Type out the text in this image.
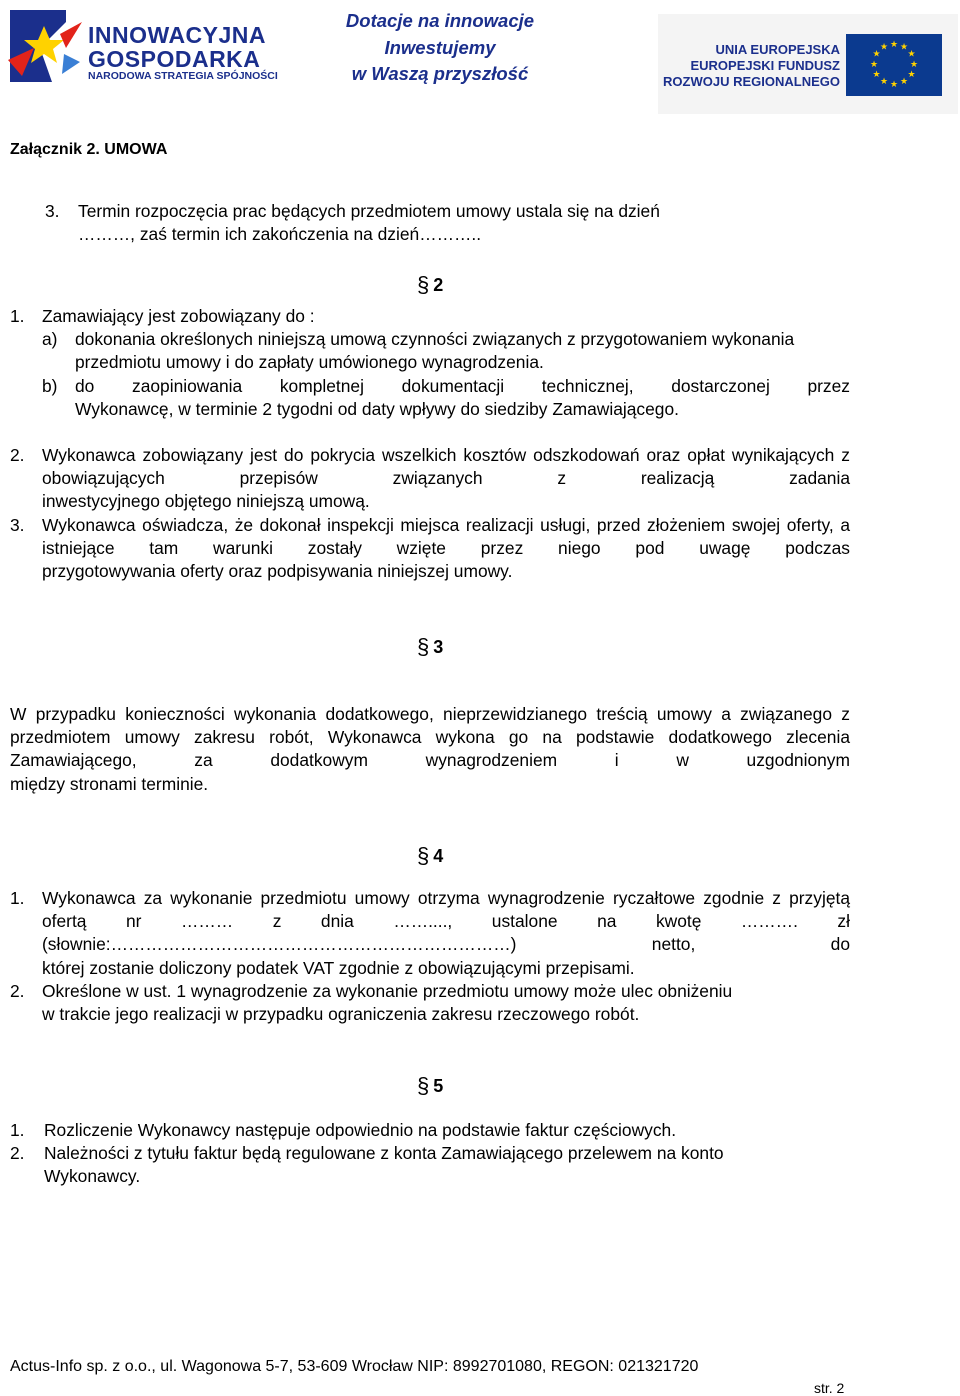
INNOWACYJNA
GOSPODARKA
NARODOWA STRATEGIA SPÓJNOŚCI
Dotacje na innowacje
Inwestujemy
w Waszą przyszłość
UNIA EUROPEJSKA
EUROPEJSKI FUNDUSZ
ROZWOJU REGIONALNEGO
★ ★
★
★
★
★
★
★
★
★
★
★
Załącznik 2. UMOWA
3.	Termin rozpoczęcia prac będących przedmiotem umowy ustala się na dzień
………, zaś termin ich zakończenia na dzień………..
§ 2
1.	Zamawiający jest zobowiązany do :
a)	dokonania określonych niniejszą umową czynności związanych z przygotowaniem wykonania przedmiotu umowy i do zapłaty umówionego wynagrodzenia.
b)	do zaopiniowania kompletnej dokumentacji technicznej, dostarczonej przez
Wykonawcę, w terminie 2 tygodni od daty wpływy do siedziby Zamawiającego.
2.	Wykonawca zobowiązany jest do pokrycia wszelkich kosztów odszkodowań oraz opłat wynikających z obowiązujących przepisów związanych z realizacją zadania
inwestycyjnego objętego niniejszą umową.
3.	Wykonawca oświadcza, że dokonał inspekcji miejsca realizacji usługi, przed złożeniem swojej oferty, a istniejące tam warunki zostały wzięte przez niego pod uwagę podczas
przygotowywania oferty oraz podpisywania niniejszej umowy.
§ 3
W przypadku konieczności wykonania dodatkowego, nieprzewidzianego treścią umowy a związanego z przedmiotem umowy zakresu robót, Wykonawca wykona go na podstawie dodatkowego zlecenia Zamawiającego, za dodatkowym wynagrodzeniem i w uzgodnionym
między stronami terminie.
§ 4
1.	Wykonawca za wykonanie przedmiotu umowy otrzyma wynagrodzenie ryczałtowe zgodnie z przyjętą ofertą nr ……… z dnia ……...., ustalone na kwotę ………. zł (słownie:……………………………………………………………) netto, do
której zostanie doliczony podatek VAT zgodnie z obowiązującymi przepisami.
2.	Określone w ust. 1 wynagrodzenie za wykonanie przedmiotu umowy może ulec obniżeniu
w trakcie jego realizacji w przypadku ograniczenia zakresu rzeczowego robót.
§ 5
1.	Rozliczenie Wykonawcy następuje odpowiednio na podstawie faktur częściowych.
2.	Należności z tytułu faktur będą regulowane z konta Zamawiającego przelewem na konto
Wykonawcy.
Actus-Info sp. z o.o., ul. Wagonowa 5-7, 53-609 Wrocław NIP: 8992701080, REGON: 021321720
str. 2
